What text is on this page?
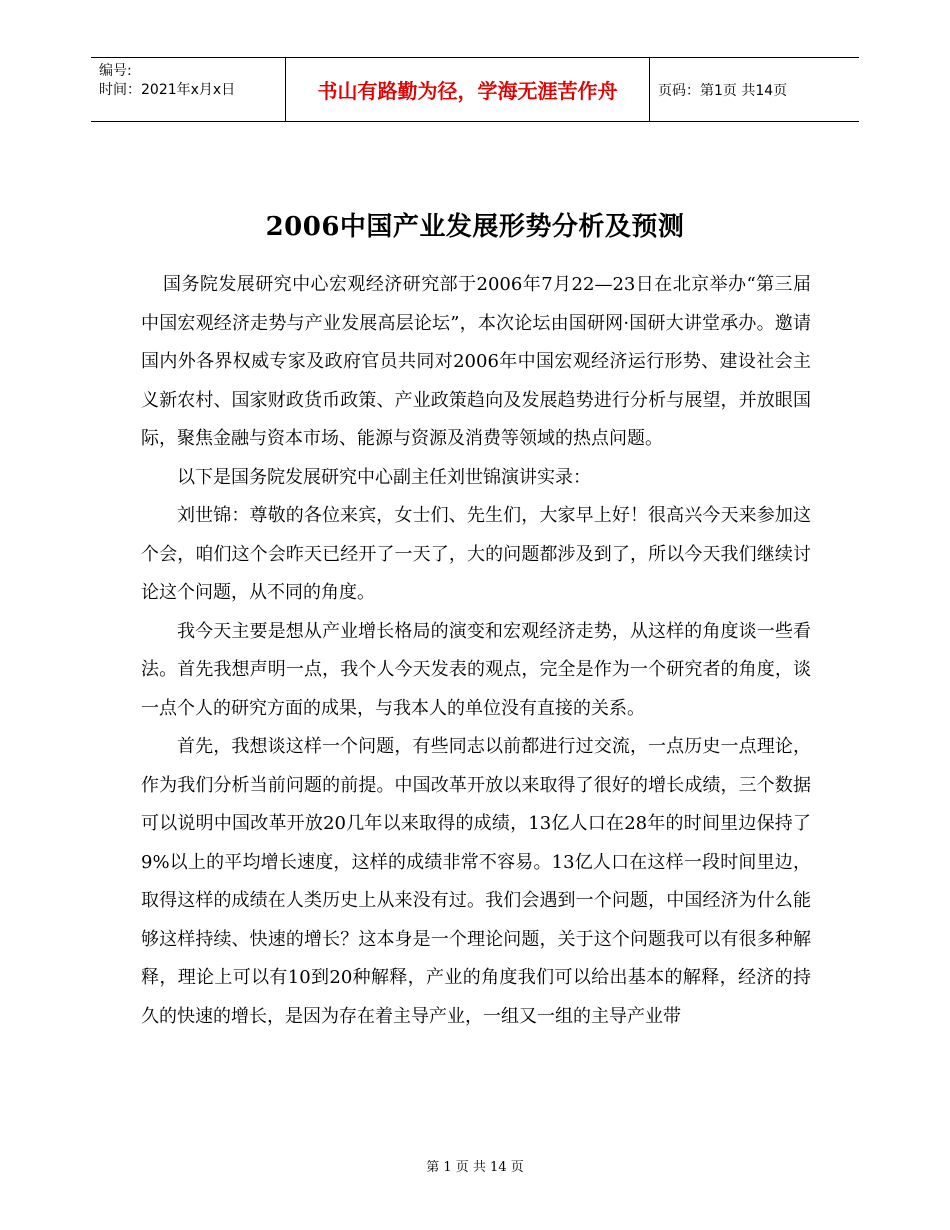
编号:
时间：2021年x月x日	书山有路勤为径，学海无涯苦作舟	页码：第1页 共14页
2006中国产业发展形势分析及预测

国务院发展研究中心宏观经济研究部于2006年7月22—23日在北京举办“第三届中国宏观经济走势与产业发展高层论坛”，本次论坛由国研网·国研大讲堂承办。邀请国内外各界权威专家及政府官员共同对2006年中国宏观经济运行形势、建设社会主义新农村、国家财政货币政策、产业政策趋向及发展趋势进行分析与展望，并放眼国际，聚焦金融与资本市场、能源与资源及消费等领域的热点问题。

以下是国务院发展研究中心副主任刘世锦演讲实录：

刘世锦：尊敬的各位来宾，女士们、先生们，大家早上好！很高兴今天来参加这个会，咱们这个会昨天已经开了一天了，大的问题都涉及到了，所以今天我们继续讨论这个问题，从不同的角度。

我今天主要是想从产业增长格局的演变和宏观经济走势，从这样的角度谈一些看法。首先我想声明一点，我个人今天发表的观点，完全是作为一个研究者的角度，谈一点个人的研究方面的成果，与我本人的单位没有直接的关系。

首先，我想谈这样一个问题，有些同志以前都进行过交流，一点历史一点理论，作为我们分析当前问题的前提。中国改革开放以来取得了很好的增长成绩，三个数据可以说明中国改革开放20几年以来取得的成绩，13亿人口在28年的时间里边保持了9%以上的平均增长速度，这样的成绩非常不容易。13亿人口在这样一段时间里边，取得这样的成绩在人类历史上从来没有过。我们会遇到一个问题，中国经济为什么能够这样持续、快速的增长？这本身是一个理论问题，关于这个问题我可以有很多种解释，理论上可以有10到20种解释，产业的角度我们可以给出基本的解释，经济的持久的快速的增长，是因为存在着主导产业，一组又一组的主导产业带

第 1 页 共 14 页
